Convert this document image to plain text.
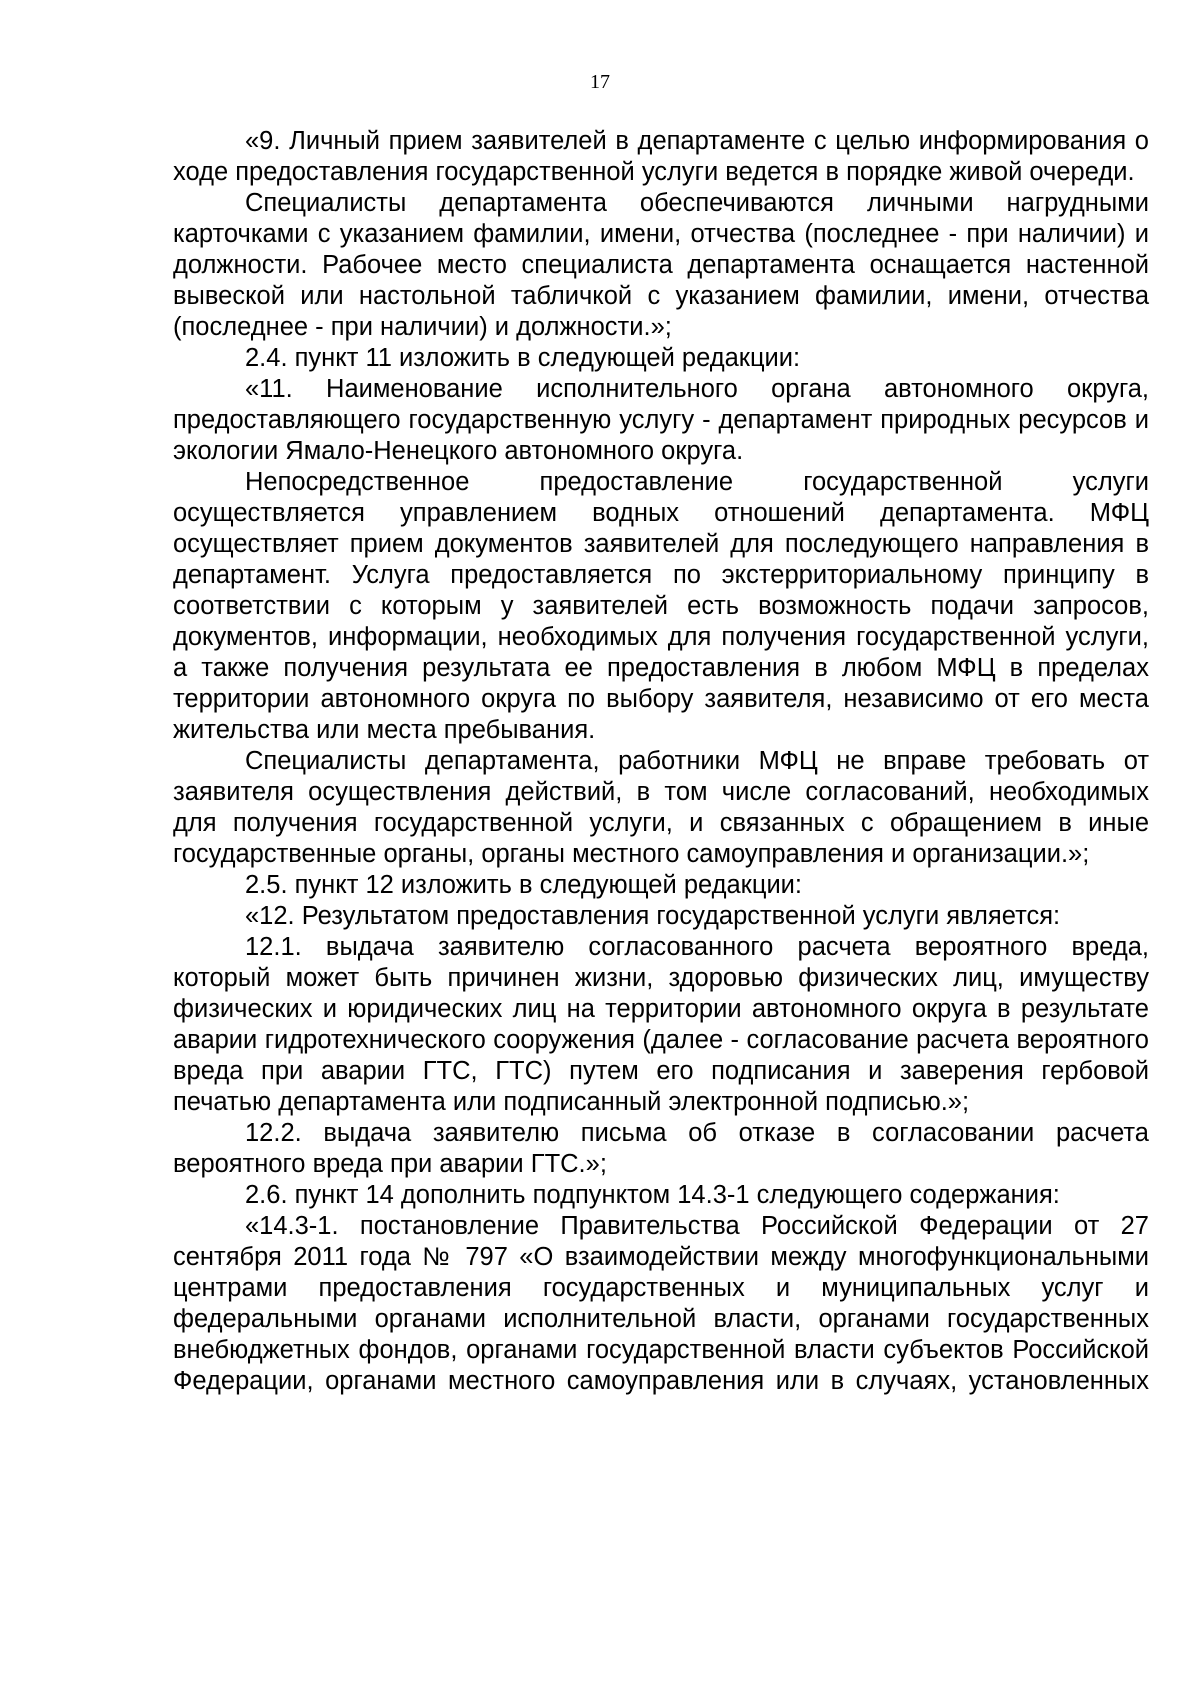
17

«9. Личный прием заявителей в департаменте с целью информирования о ходе предоставления государственной услуги ведется в порядке живой очереди.

Специалисты департамента обеспечиваются личными нагрудными карточками с указанием фамилии, имени, отчества (последнее - при наличии) и должности. Рабочее место специалиста департамента оснащается настенной вывеской или настольной табличкой с указанием фамилии, имени, отчества (последнее - при наличии) и должности.»;

2.4. пункт 11 изложить в следующей редакции:

«11. Наименование исполнительного органа автономного округа, предоставляющего государственную услугу - департамент природных ресурсов и экологии Ямало-Ненецкого автономного округа.

Непосредственное предоставление государственной услуги осуществляется управлением водных отношений департамента. МФЦ осуществляет прием документов заявителей для последующего направления в департамент. Услуга предоставляется по экстерриториальному принципу в соответствии с которым у заявителей есть возможность подачи запросов, документов, информации, необходимых для получения государственной услуги, а также получения результата ее предоставления в любом МФЦ в пределах территории автономного округа по выбору заявителя, независимо от его места жительства или места пребывания.

Специалисты департамента, работники МФЦ не вправе требовать от заявителя осуществления действий, в том числе согласований, необходимых для получения государственной услуги, и связанных с обращением в иные государственные органы, органы местного самоуправления и организации.»;

2.5. пункт 12 изложить в следующей редакции:

«12. Результатом предоставления государственной услуги является:

12.1. выдача заявителю согласованного расчета вероятного вреда, который может быть причинен жизни, здоровью физических лиц, имуществу физических и юридических лиц на территории автономного округа в результате аварии гидротехнического сооружения (далее - согласование расчета вероятного вреда при аварии ГТС, ГТС) путем его подписания и заверения гербовой печатью департамента или подписанный электронной подписью.»;

12.2. выдача заявителю письма об отказе в согласовании расчета вероятного вреда при аварии ГТС.»;

2.6. пункт 14 дополнить подпунктом 14.3-1 следующего содержания:

«14.3-1. постановление Правительства Российской Федерации от 27 сентября 2011 года № 797 «О взаимодействии между многофункциональными центрами предоставления государственных и муниципальных услуг и федеральными органами исполнительной власти, органами государственных внебюджетных фондов, органами государственной власти субъектов Российской Федерации, органами местного самоуправления или в случаях, установленных
